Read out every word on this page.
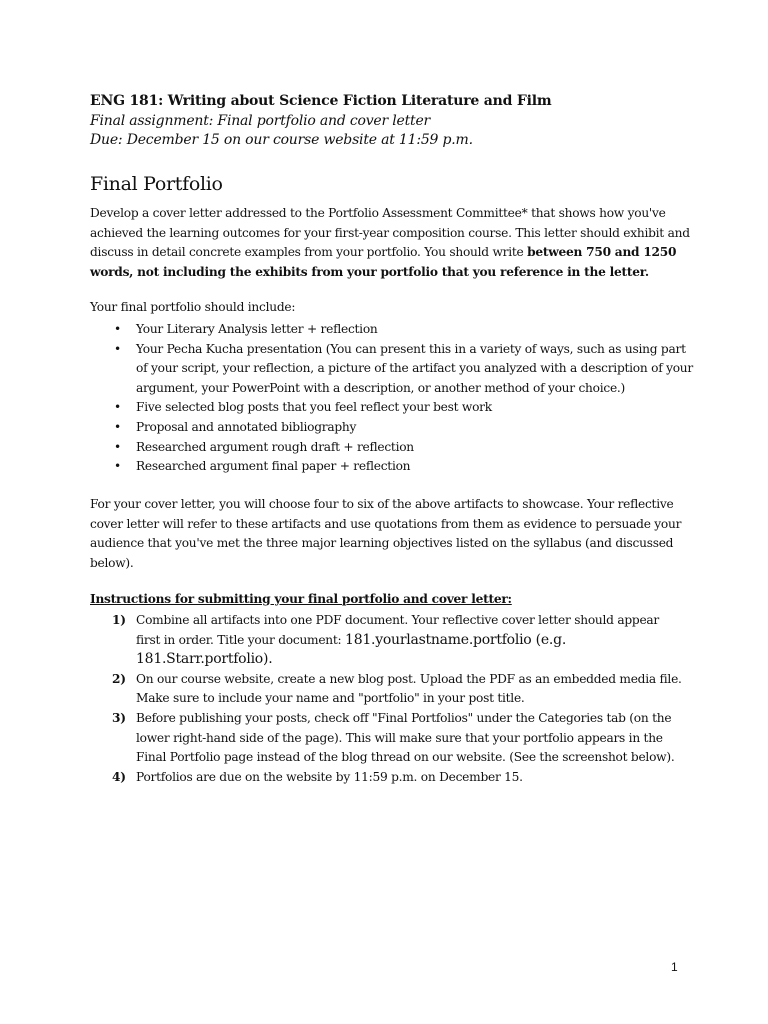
ENG 181: Writing about Science Fiction Literature and Film
Final assignment: Final portfolio and cover letter
Due: December 15 on our course website at 11:59 p.m.
Final Portfolio

Develop a cover letter addressed to the Portfolio Assessment Committee* that shows how you've achieved the learning outcomes for your first-year composition course. This letter should exhibit and discuss in detail concrete examples from your portfolio. You should write between 750 and 1250 words, not including the exhibits from your portfolio that you reference in the letter.

Your final portfolio should include:
• Your Literary Analysis letter + reflection
• Your Pecha Kucha presentation (You can present this in a variety of ways, such as using part of your script, your reflection, a picture of the artifact you analyzed with a description of your argument, your PowerPoint with a description, or another method of your choice.)
• Five selected blog posts that you feel reflect your best work
• Proposal and annotated bibliography
• Researched argument rough draft + reflection
• Researched argument final paper + reflection

For your cover letter, you will choose four to six of the above artifacts to showcase. Your reflective cover letter will refer to these artifacts and use quotations from them as evidence to persuade your audience that you've met the three major learning objectives listed on the syllabus (and discussed below).

Instructions for submitting your final portfolio and cover letter:
1) Combine all artifacts into one PDF document. Your reflective cover letter should appear first in order. Title your document: 181.yourlastname.portfolio (e.g. 181.Starr.portfolio).
2) On our course website, create a new blog post. Upload the PDF as an embedded media file. Make sure to include your name and "portfolio" in your post title.
3) Before publishing your posts, check off "Final Portfolios" under the Categories tab (on the lower right-hand side of the page). This will make sure that your portfolio appears in the Final Portfolio page instead of the blog thread on our website. (See the screenshot below).
4) Portfolios are due on the website by 11:59 p.m. on December 15.
1
